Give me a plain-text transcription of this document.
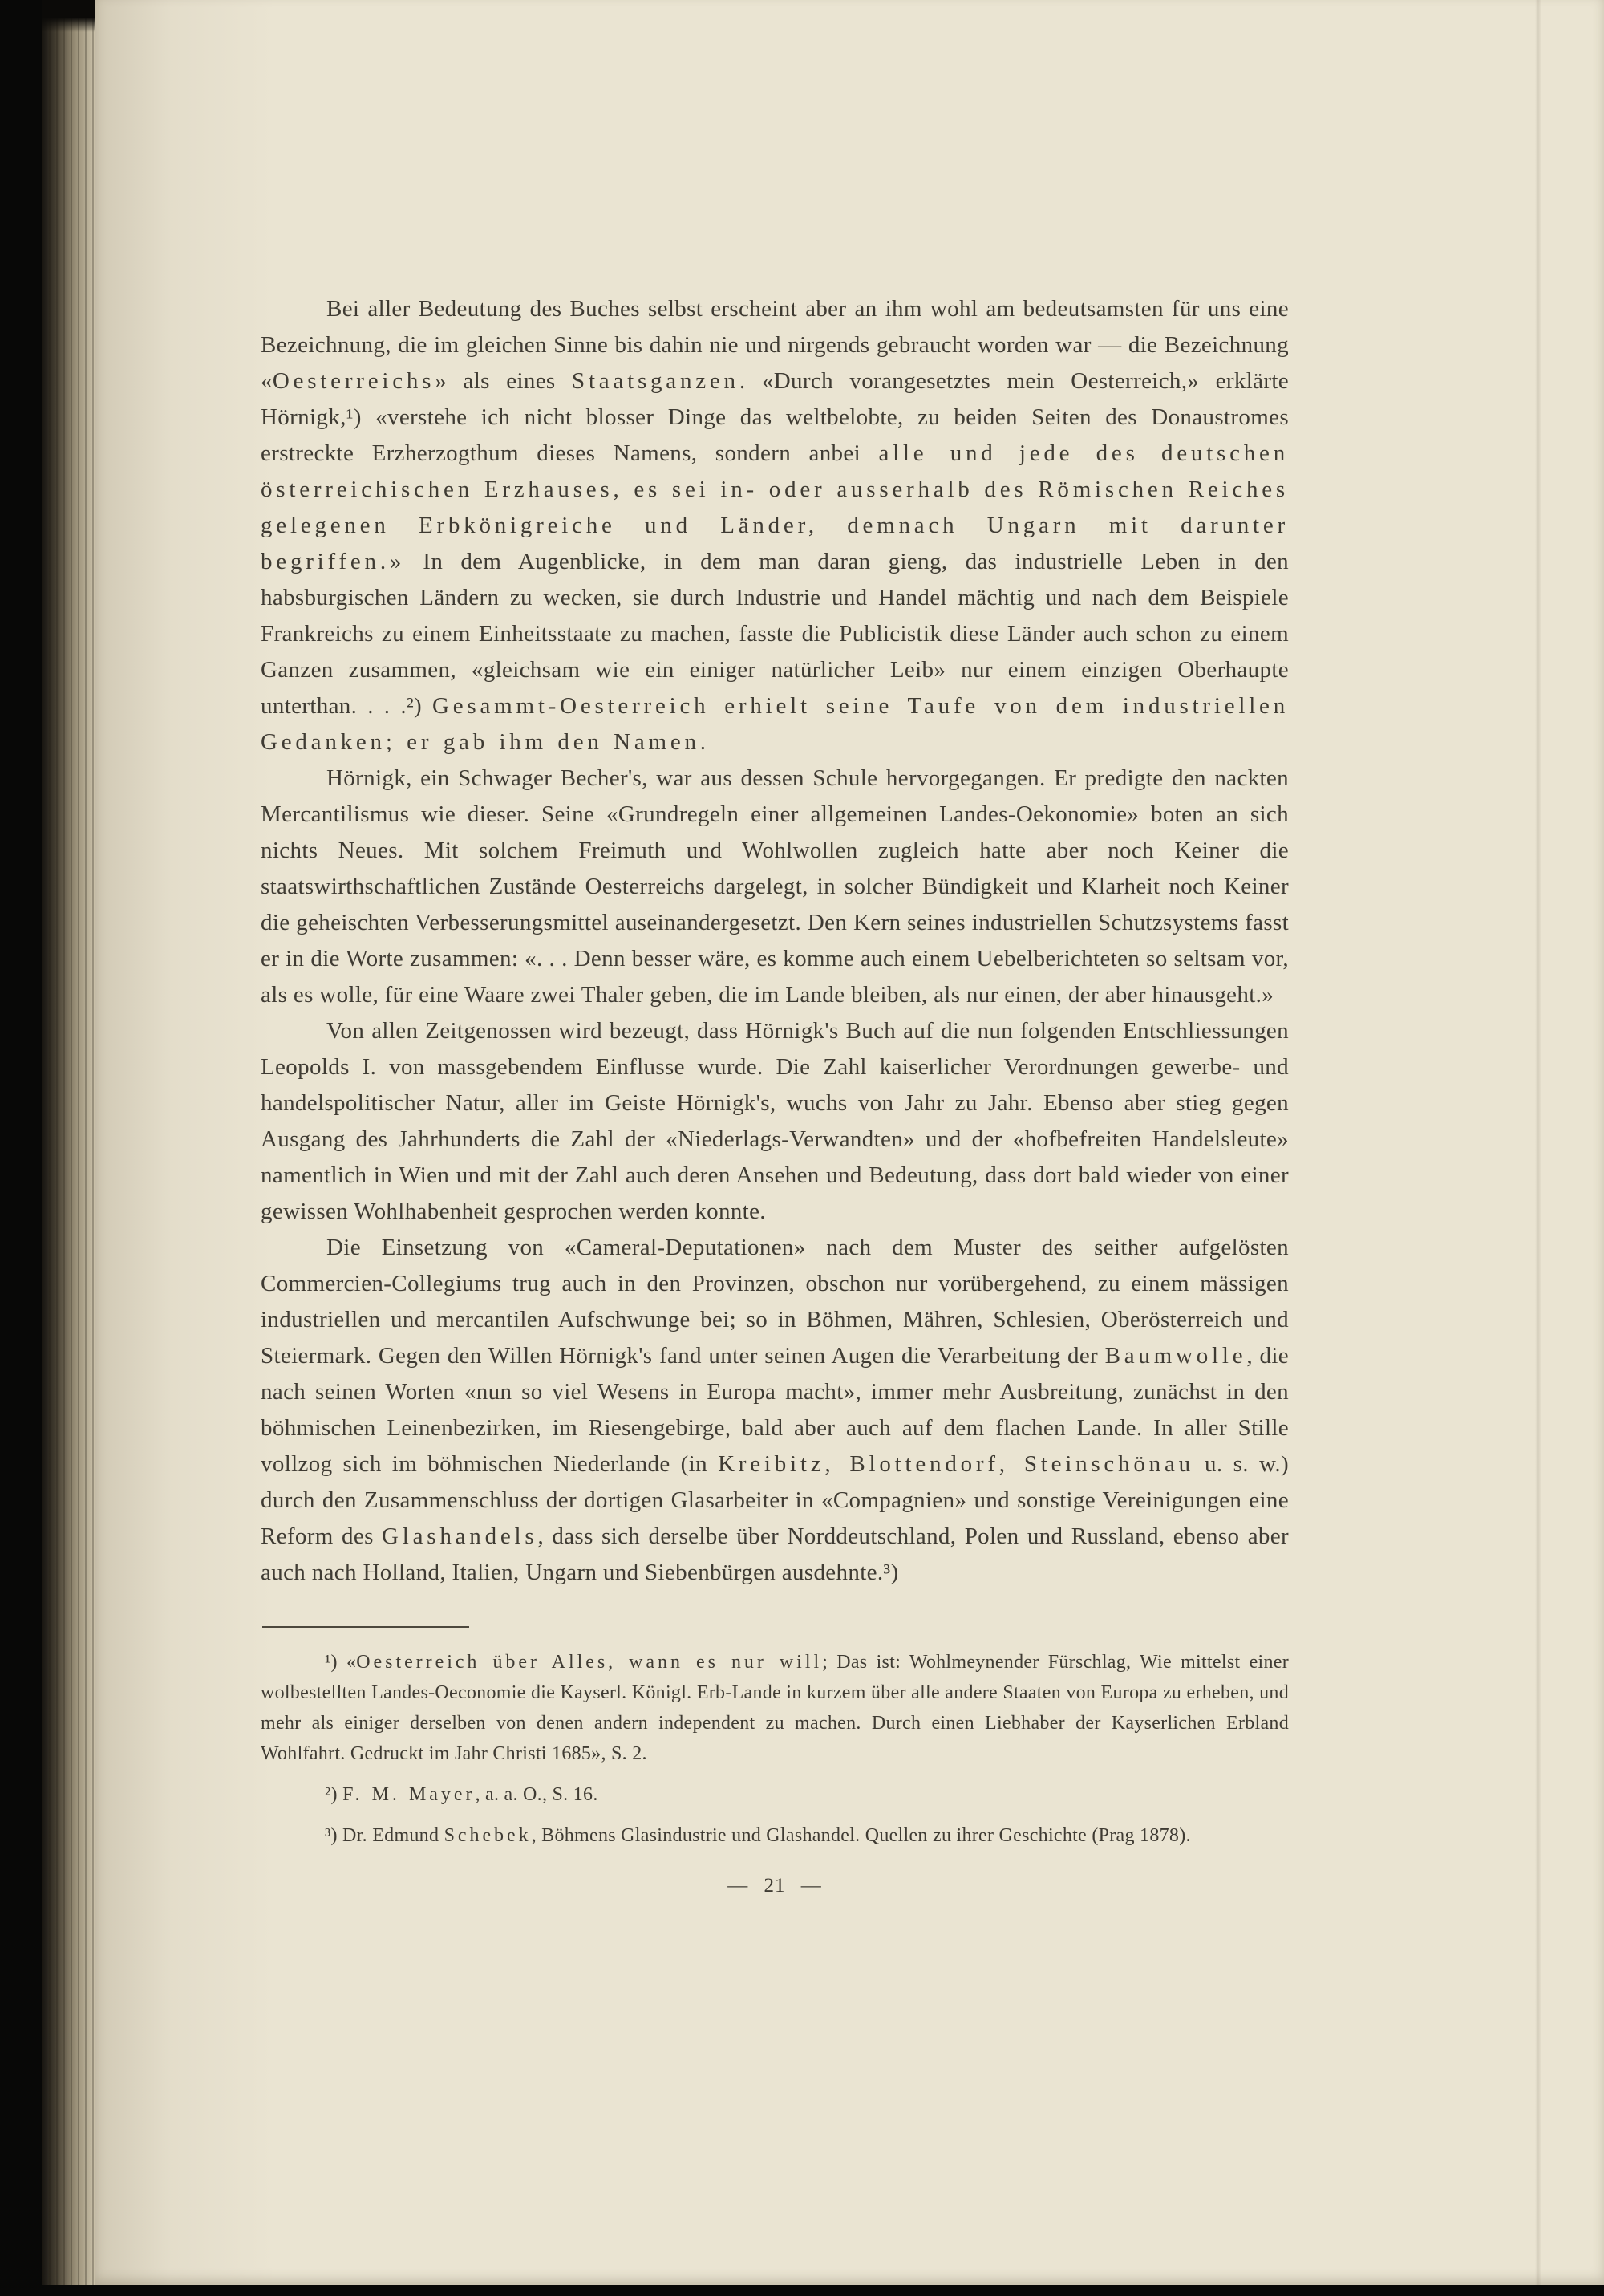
Bei aller Bedeutung des Buches selbst erscheint aber an ihm wohl am bedeutsamsten für uns eine Bezeichnung, die im gleichen Sinne bis dahin nie und nirgends gebraucht worden war — die Bezeichnung «Oesterreichs» als eines Staatsganzen. «Durch vorangesetztes mein Oesterreich,» erklärte Hörnigk,¹) «verstehe ich nicht blosser Dinge das weltbelobte, zu beiden Seiten des Donaustromes erstreckte Erzherzogthum dieses Namens, sondern anbei alle und jede des deutschen österreichischen Erzhauses, es sei in- oder ausserhalb des Römischen Reiches gelegenen Erbkönigreiche und Länder, demnach Ungarn mit darunter begriffen.» In dem Augenblicke, in dem man daran gieng, das industrielle Leben in den habsburgischen Ländern zu wecken, sie durch Industrie und Handel mächtig und nach dem Beispiele Frankreichs zu einem Einheitsstaate zu machen, fasste die Publicistik diese Länder auch schon zu einem Ganzen zusammen, «gleichsam wie ein einiger natürlicher Leib» nur einem einzigen Oberhaupte unterthan. . . .²) Gesammt-Oesterreich erhielt seine Taufe von dem industriellen Gedanken; er gab ihm den Namen.

Hörnigk, ein Schwager Becher's, war aus dessen Schule hervorgegangen. Er predigte den nackten Mercantilismus wie dieser. Seine «Grundregeln einer allgemeinen Landes-Oekonomie» boten an sich nichts Neues. Mit solchem Freimuth und Wohlwollen zugleich hatte aber noch Keiner die staatswirthschaftlichen Zustände Oesterreichs dargelegt, in solcher Bündigkeit und Klarheit noch Keiner die geheischten Verbesserungsmittel auseinandergesetzt. Den Kern seines industriellen Schutzsystems fasst er in die Worte zusammen: «. . . Denn besser wäre, es komme auch einem Uebelberichteten so seltsam vor, als es wolle, für eine Waare zwei Thaler geben, die im Lande bleiben, als nur einen, der aber hinausgeht.»

Von allen Zeitgenossen wird bezeugt, dass Hörnigk's Buch auf die nun folgenden Entschliessungen Leopolds I. von massgebendem Einflusse wurde. Die Zahl kaiserlicher Verordnungen gewerbe- und handelspolitischer Natur, aller im Geiste Hörnigk's, wuchs von Jahr zu Jahr. Ebenso aber stieg gegen Ausgang des Jahrhunderts die Zahl der «Niederlags-Verwandten» und der «hofbefreiten Handelsleute» namentlich in Wien und mit der Zahl auch deren Ansehen und Bedeutung, dass dort bald wieder von einer gewissen Wohlhabenheit gesprochen werden konnte.

Die Einsetzung von «Cameral-Deputationen» nach dem Muster des seither aufgelösten Commercien-Collegiums trug auch in den Provinzen, obschon nur vorübergehend, zu einem mässigen industriellen und mercantilen Aufschwunge bei; so in Böhmen, Mähren, Schlesien, Oberösterreich und Steiermark. Gegen den Willen Hörnigk's fand unter seinen Augen die Verarbeitung der Baumwolle, die nach seinen Worten «nun so viel Wesens in Europa macht», immer mehr Ausbreitung, zunächst in den böhmischen Leinenbezirken, im Riesengebirge, bald aber auch auf dem flachen Lande. In aller Stille vollzog sich im böhmischen Niederlande (in Kreibitz, Blottendorf, Steinschönau u. s. w.) durch den Zusammenschluss der dortigen Glasarbeiter in «Compagnien» und sonstige Vereinigungen eine Reform des Glashandels, dass sich derselbe über Norddeutschland, Polen und Russland, ebenso aber auch nach Holland, Italien, Ungarn und Siebenbürgen ausdehnte.³)

¹) «Oesterreich über Alles, wann es nur will; Das ist: Wohlmeynender Fürschlag, Wie mittelst einer wolbestellten Landes-Oeconomie die Kayserl. Königl. Erb-Lande in kurzem über alle andere Staaten von Europa zu erheben, und mehr als einiger derselben von denen andern independent zu machen. Durch einen Liebhaber der Kayserlichen Erbland Wohlfahrt. Gedruckt im Jahr Christi 1685», S. 2.

²) F. M. Mayer, a. a. O., S. 16.

³) Dr. Edmund Schebek, Böhmens Glasindustrie und Glashandel. Quellen zu ihrer Geschichte (Prag 1878).

— 21 —
